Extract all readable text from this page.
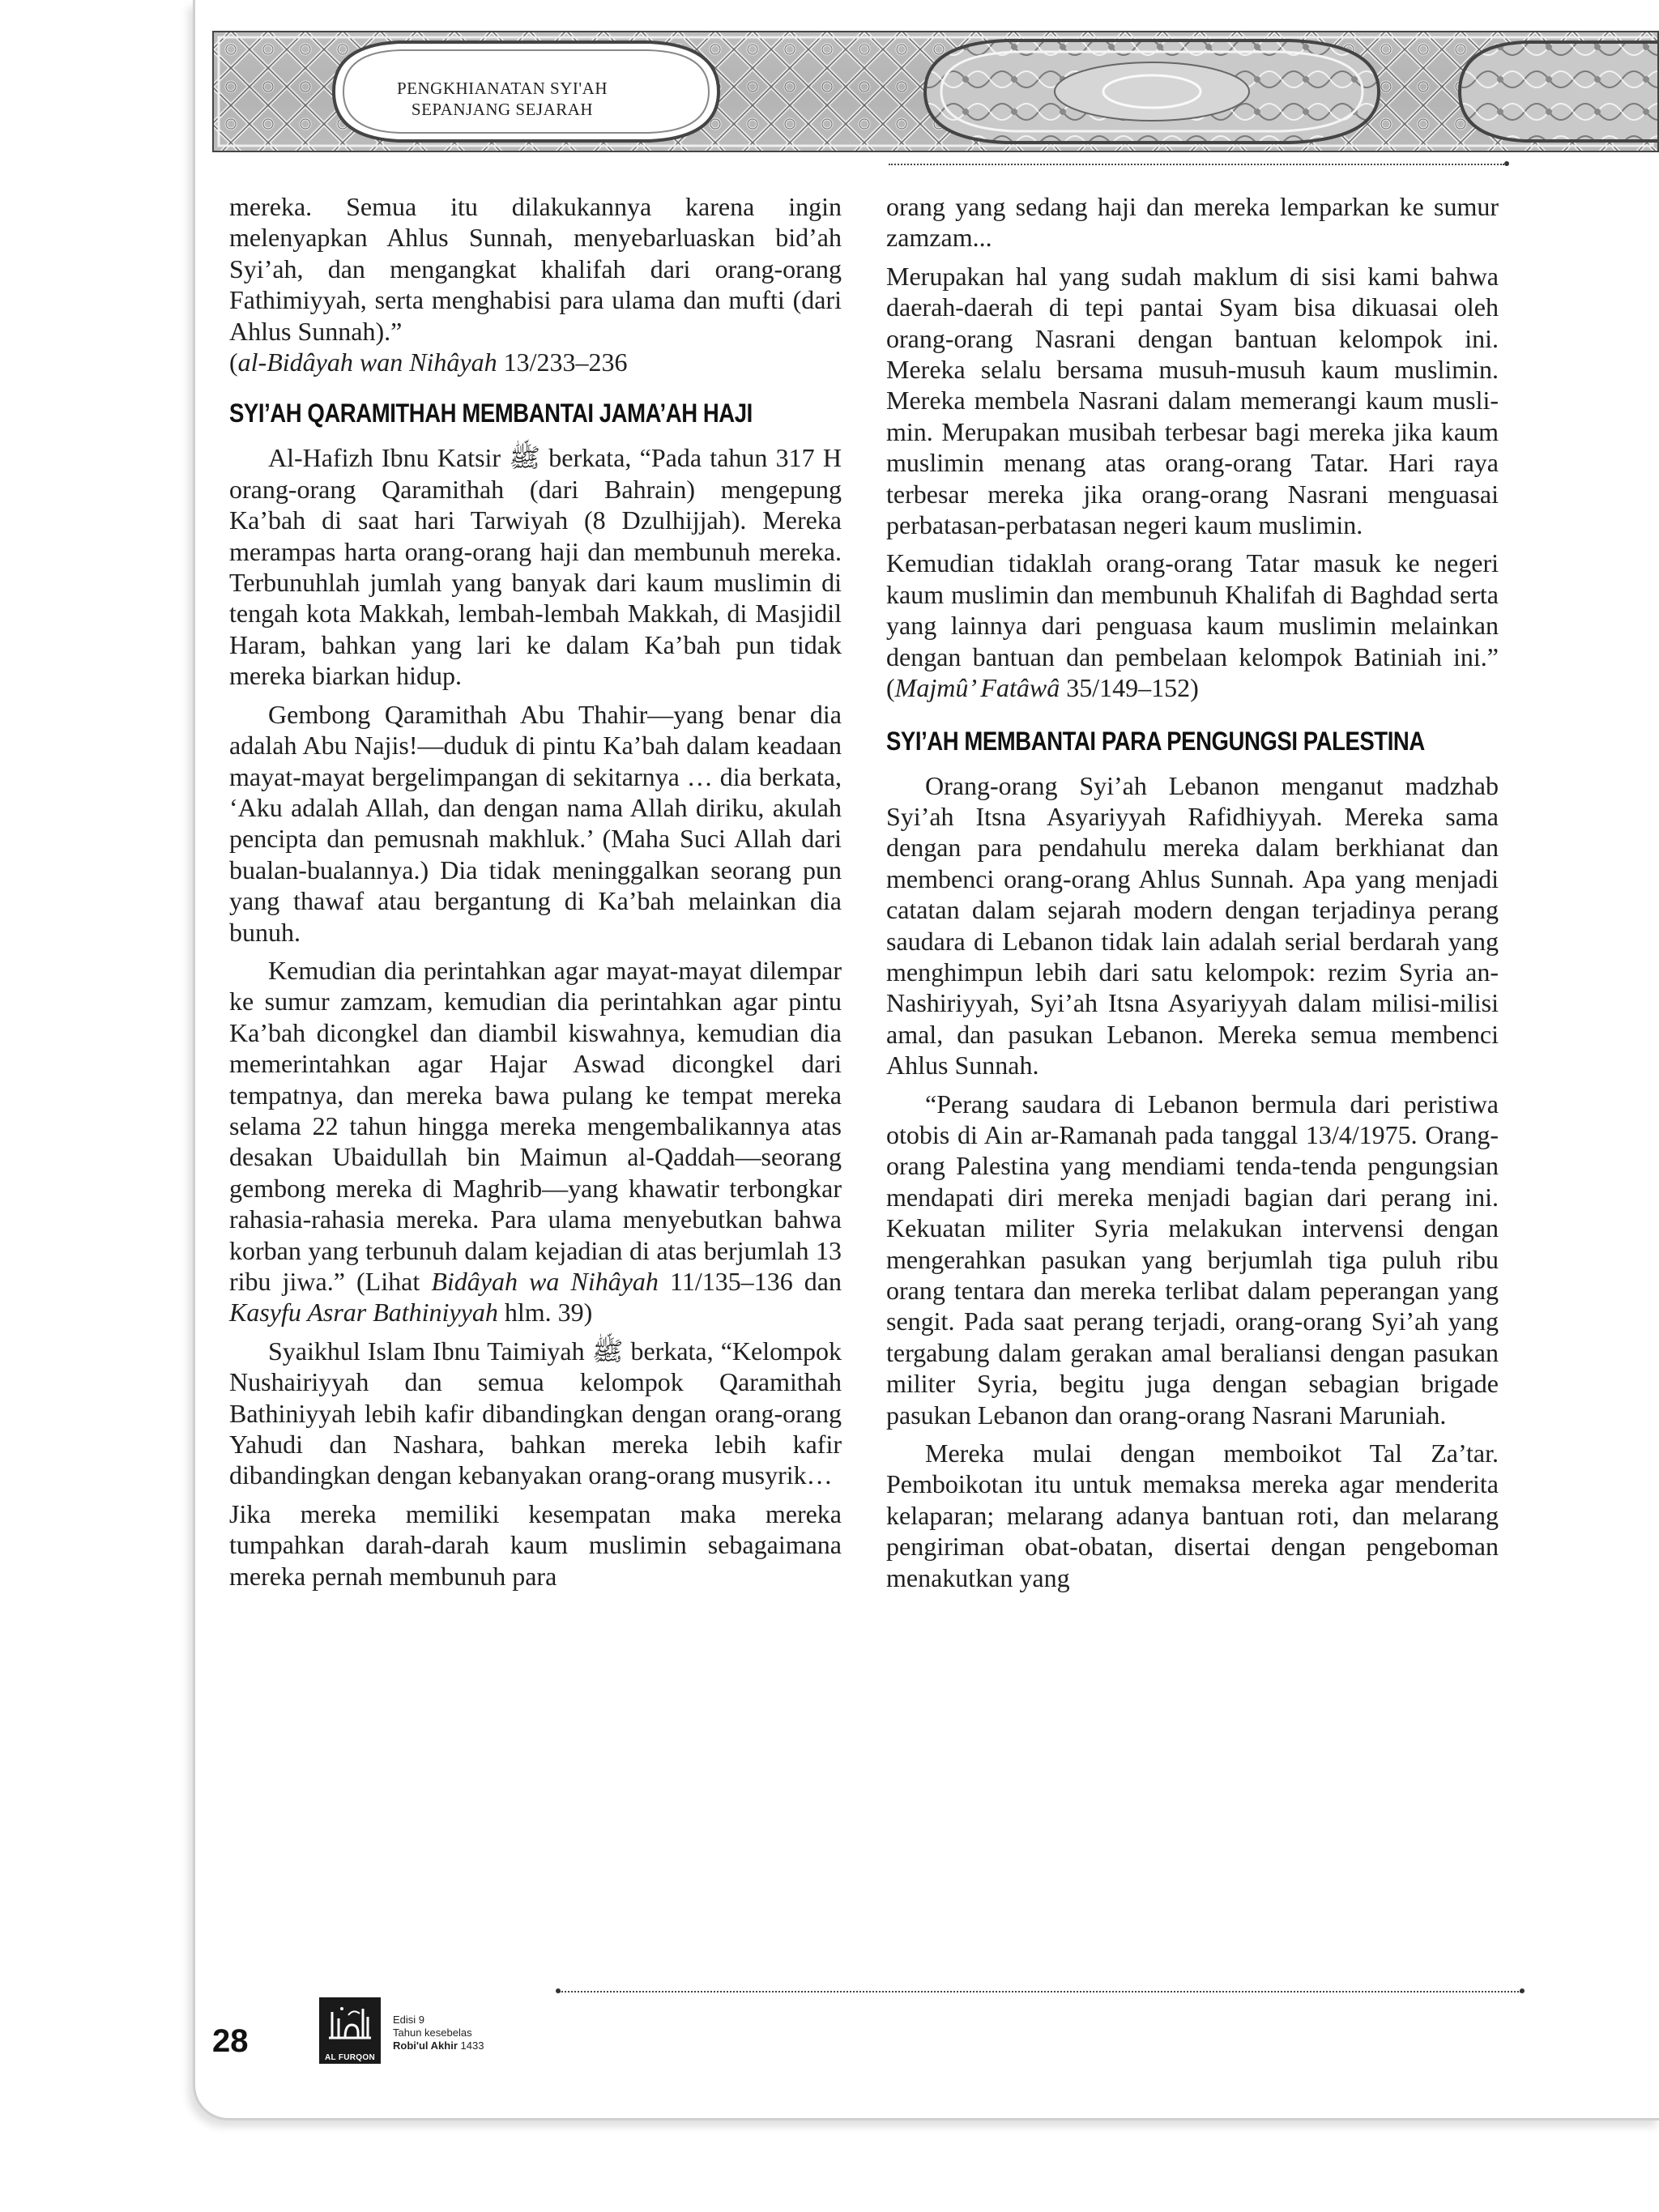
PENGKHIANATAN SYI'AH
SEPANJANG SEJARAH

mereka. Semua itu dilakukannya karena ingin melenyapkan Ahlus Sunnah, menyebarluaskan bid’ah Syi’ah, dan mengangkat khalifah dari orang-orang Fathimiyyah, serta menghabisi para ulama dan mufti (dari Ahlus Sunnah).”
(al-Bidâyah wan Nihâyah 13/233–236

SYI’AH QARAMITHAH MEMBANTAI JAMA’AH HAJI

Al-Hafizh Ibnu Katsir ﷺ berkata, “Pada tahun 317 H orang-orang Qaramithah (dari Bahrain) mengepung Ka’bah di saat hari Tarwiyah (8 Dzulhijjah). Mereka merampas harta orang-orang haji dan membunuh mereka. Terbunuhlah jumlah yang banyak dari kaum muslimin di tengah kota Makkah, lembah-lembah Makkah, di Masjidil Haram, bahkan yang lari ke dalam Ka’bah pun tidak mereka biarkan hidup.

Gembong Qaramithah Abu Thahir—yang benar dia adalah Abu Najis!—duduk di pintu Ka’bah dalam keadaan mayat-mayat bergelimpangan di sekitarnya … dia berkata, ‘Aku adalah Allah, dan dengan nama Allah diriku, akulah pencipta dan pemusnah makhluk.’ (Maha Suci Allah dari bualan-bualannya.) Dia tidak meninggalkan seorang pun yang thawaf atau bergantung di Ka’bah melainkan dia bunuh.

Kemudian dia perintahkan agar mayat-mayat dilempar ke sumur zamzam, kemudian dia perintahkan agar pintu Ka’bah dicongkel dan diambil kiswahnya, kemudian dia memerintahkan agar Hajar Aswad dicongkel dari tempatnya, dan mereka bawa pulang ke tempat mereka selama 22 tahun hingga mereka mengembalikannya atas desakan Ubaidullah bin Maimun al-Qaddah—seorang gembong mereka di Maghrib—yang khawatir terbongkar rahasia-rahasia mereka. Para ulama menyebutkan bahwa korban yang terbunuh dalam kejadian di atas berjumlah 13 ribu jiwa.” (Lihat Bidâyah wa Nihâyah 11/135–136 dan Kasyfu Asrar Bathiniyyah hlm. 39)

Syaikhul Islam Ibnu Taimiyah ﷺ berkata, “Kelompok Nushairiyyah dan semua kelompok Qaramithah Bathiniyyah lebih kafir dibandingkan dengan orang-orang Yahudi dan Nashara, bahkan mereka lebih kafir dibandingkan dengan kebanyakan orang-orang musyrik…

Jika mereka memiliki kesempatan maka mereka tumpahkan darah-darah kaum muslimin sebagaimana mereka pernah membunuh para

orang yang sedang haji dan mereka lemparkan ke sumur zamzam...

Merupakan hal yang sudah maklum di sisi kami bahwa daerah-daerah di tepi pantai Syam bisa dikuasai oleh orang-orang Nasrani dengan bantuan kelompok ini. Mereka selalu bersama musuh-musuh kaum muslimin. Mereka membela Nasrani dalam memerangi kaum muslimin. Merupakan musibah terbesar bagi mereka jika kaum muslimin menang atas orang-orang Tatar. Hari raya terbesar mereka jika orang-orang Nasrani menguasai perbatasan-perbatasan negeri kaum muslimin.

Kemudian tidaklah orang-orang Tatar masuk ke negeri kaum muslimin dan membunuh Khalifah di Baghdad serta yang lainnya dari penguasa kaum muslimin melainkan dengan bantuan dan pembelaan kelompok Batiniah ini.” (Majmû’ Fatâwâ 35/149–152)

SYI’AH MEMBANTAI PARA PENGUNGSI PALESTINA

Orang-orang Syi’ah Lebanon menganut madzhab Syi’ah Itsna Asyariyyah Rafidhiyyah. Mereka sama dengan para pendahulu mereka dalam berkhianat dan membenci orang-orang Ahlus Sunnah. Apa yang menjadi catatan dalam sejarah modern dengan terjadinya perang saudara di Lebanon tidak lain adalah serial berdarah yang menghimpun lebih dari satu kelompok: rezim Syria an-Nashiriyyah, Syi’ah Itsna Asyariyyah dalam milisi-milisi amal, dan pasukan Lebanon. Mereka semua membenci Ahlus Sunnah.

“Perang saudara di Lebanon bermula dari peristiwa otobis di Ain ar-Ramanah pada tanggal 13/4/1975. Orang-orang Palestina yang mendiami tenda-tenda pengungsian mendapati diri mereka menjadi bagian dari perang ini. Kekuatan militer Syria melakukan intervensi dengan mengerahkan pasukan yang berjumlah tiga puluh ribu orang tentara dan mereka terlibat dalam peperangan yang sengit. Pada saat perang terjadi, orang-orang Syi’ah yang tergabung dalam gerakan amal beraliansi dengan pasukan militer Syria, begitu juga dengan sebagian brigade pasukan Lebanon dan orang-orang Nasrani Maruniah.

Mereka mulai dengan memboikot Tal Za’tar. Pemboikotan itu untuk memaksa mereka agar menderita kelaparan; melarang adanya bantuan roti, dan melarang pengiriman obat-obatan, disertai dengan pengeboman menakutkan yang

28	AL FURQON
Edisi 9
Tahun kesebelas
Robi'ul Akhir 1433
